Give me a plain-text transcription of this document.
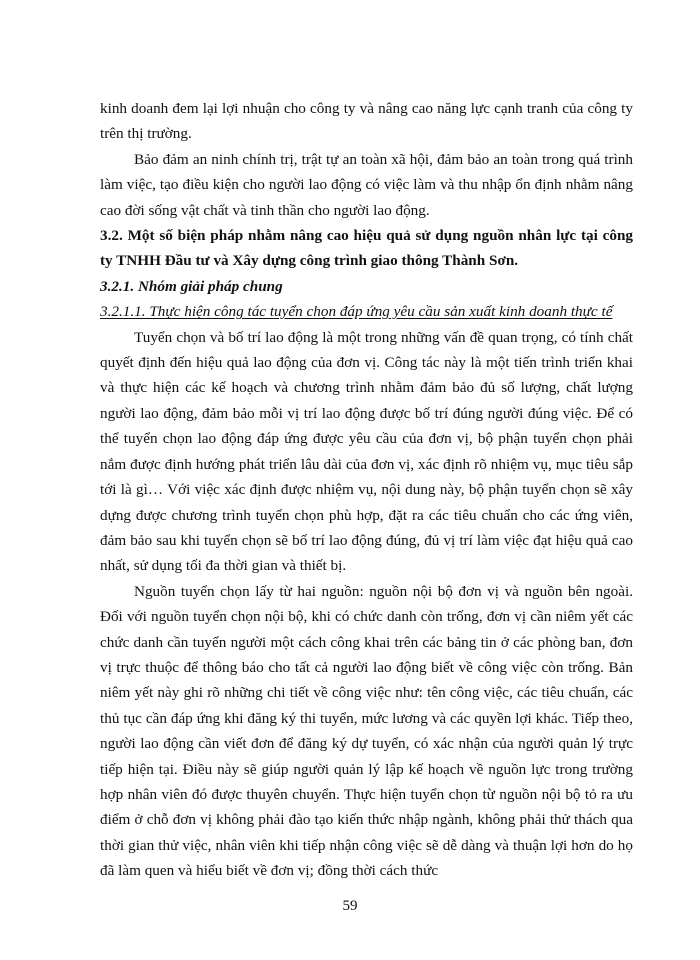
kinh doanh đem lại lợi nhuận cho công ty và nâng cao năng lực cạnh tranh của công ty trên thị trường.

Bảo đảm an ninh chính trị, trật tự an toàn xã hội, đảm bảo an toàn trong quá trình làm việc, tạo điều kiện cho người lao động có việc làm và thu nhập ổn định nhằm nâng cao đời sống vật chất và tinh thần cho người lao động.

3.2. Một số biện pháp nhằm nâng cao hiệu quả sử dụng nguồn nhân lực tại công ty TNHH Đầu tư và Xây dựng công trình giao thông Thành Sơn.

3.2.1. Nhóm giải pháp chung

3.2.1.1. Thực hiện công tác tuyển chọn đáp ứng yêu cầu sản xuất kinh doanh thực tế

Tuyển chọn và bố trí lao động là một trong những vấn đề quan trọng, có tính chất quyết định đến hiệu quả lao động của đơn vị. Công tác này là một tiến trình triển khai và thực hiện các kế hoạch và chương trình nhằm đảm bảo đủ số lượng, chất lượng người lao động, đảm bảo mỗi vị trí lao động được bố trí đúng người đúng việc. Để có thể tuyển chọn lao động đáp ứng được yêu cầu của đơn vị, bộ phận tuyển chọn phải nắm được định hướng phát triển lâu dài của đơn vị, xác định rõ nhiệm vụ, mục tiêu sắp tới là gì… Với việc xác định được nhiệm vụ, nội dung này, bộ phận tuyển chọn sẽ xây dựng được chương trình tuyển chọn phù hợp, đặt ra các tiêu chuẩn cho các ứng viên, đảm bảo sau khi tuyển chọn sẽ bố trí lao động đúng, đủ vị trí làm việc đạt hiệu quả cao nhất, sử dụng tối đa thời gian và thiết bị.

Nguồn tuyển chọn lấy từ hai nguồn: nguồn nội bộ đơn vị và nguồn bên ngoài. Đối với nguồn tuyển chọn nội bộ, khi có chức danh còn trống, đơn vị cần niêm yết các chức danh cần tuyển người một cách công khai trên các bảng tin ở các phòng ban, đơn vị trực thuộc để thông báo cho tất cả người lao động biết về công việc còn trống. Bản niêm yết này ghi rõ những chi tiết về công việc như: tên công việc, các tiêu chuẩn, các thủ tục cần đáp ứng khi đăng ký thi tuyển, mức lương và các quyền lợi khác. Tiếp theo, người lao động cần viết đơn để đăng ký dự tuyển, có xác nhận của người quản lý trực tiếp hiện tại. Điều này sẽ giúp người quản lý lập kế hoạch về nguồn lực trong trường hợp nhân viên đó được thuyên chuyển. Thực hiện tuyển chọn từ nguồn nội bộ tỏ ra ưu điểm ở chỗ đơn vị không phải đào tạo kiến thức nhập ngành, không phải thử thách qua thời gian thử việc, nhân viên khi tiếp nhận công việc sẽ dễ dàng và thuận lợi hơn do họ đã làm quen và hiểu biết về đơn vị; đồng thời cách thức

59
